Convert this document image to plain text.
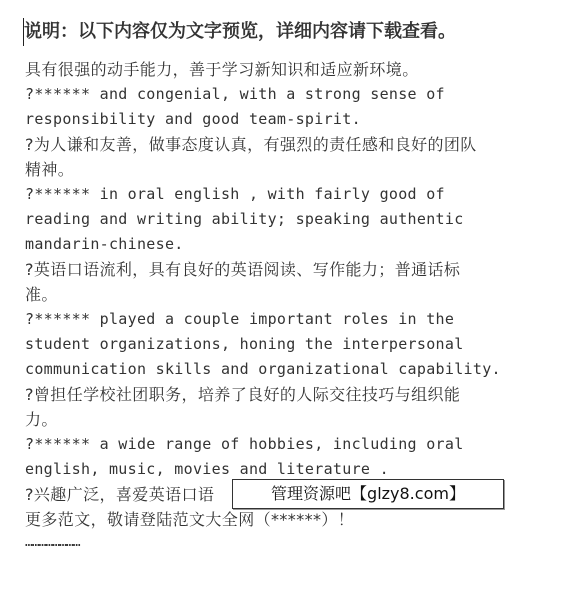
说明：以下内容仅为文字预览，详细内容请下载查看。
具有很强的动手能力，善于学习新知识和适应新环境。
?****** and congenial, with a strong sense of
responsibility and good team-spirit.
?为人谦和友善，做事态度认真，有强烈的责任感和良好的团队
精神。
?****** in oral english , with fairly good of
reading and writing ability; speaking authentic
mandarin-chinese.
?英语口语流利，具有良好的英语阅读、写作能力；普通话标
准。
?****** played a couple important roles in the
student organizations, honing the interpersonal
communication skills and organizational capability.
?曾担任学校社团职务，培养了良好的人际交往技巧与组织能
力。
?****** a wide range of hobbies, including oral
english, music, movies and literature .
?兴趣广泛，喜爱英语口语
更多范文，敬请登陆范文大全网（******）！
……………………
管理资源吧【glzy8.com】
